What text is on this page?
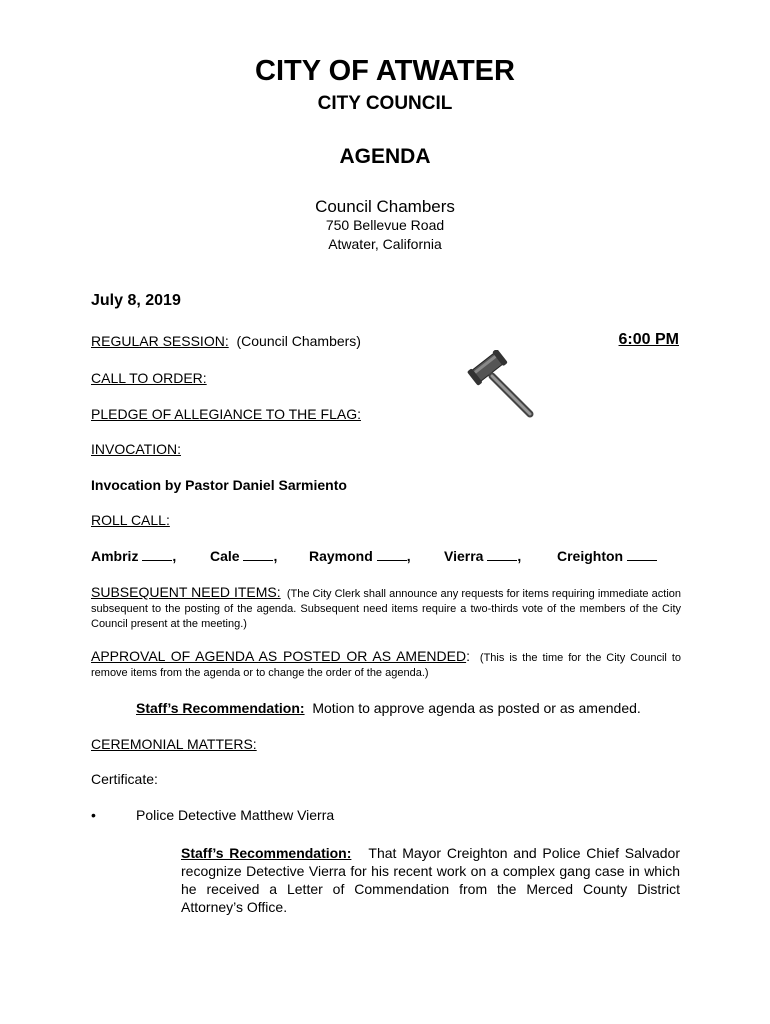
CITY OF ATWATER
CITY COUNCIL
AGENDA
Council Chambers
750 Bellevue Road
Atwater, California
July 8, 2019
REGULAR SESSION: (Council Chambers)	6:00 PM
CALL TO ORDER:
PLEDGE OF ALLEGIANCE TO THE FLAG:
INVOCATION:
Invocation by Pastor Daniel Sarmiento
ROLL CALL:
Ambriz , Cale , Raymond , Vierra ,	Creighton
SUBSEQUENT NEED ITEMS: (The City Clerk shall announce any requests for items requiring immediate action subsequent to the posting of the agenda. Subsequent need items require a two-thirds vote of the members of the City Council present at the meeting.)
APPROVAL OF AGENDA AS POSTED OR AS AMENDED: (This is the time for the City Council to remove items from the agenda or to change the order of the agenda.)
Staff’s Recommendation: Motion to approve agenda as posted or as amended.
CEREMONIAL MATTERS:
Certificate:
•	Police Detective Matthew Vierra
Staff’s Recommendation: That Mayor Creighton and Police Chief Salvador recognize Detective Vierra for his recent work on a complex gang case in which he received a Letter of Commendation from the Merced County District Attorney’s Office.
